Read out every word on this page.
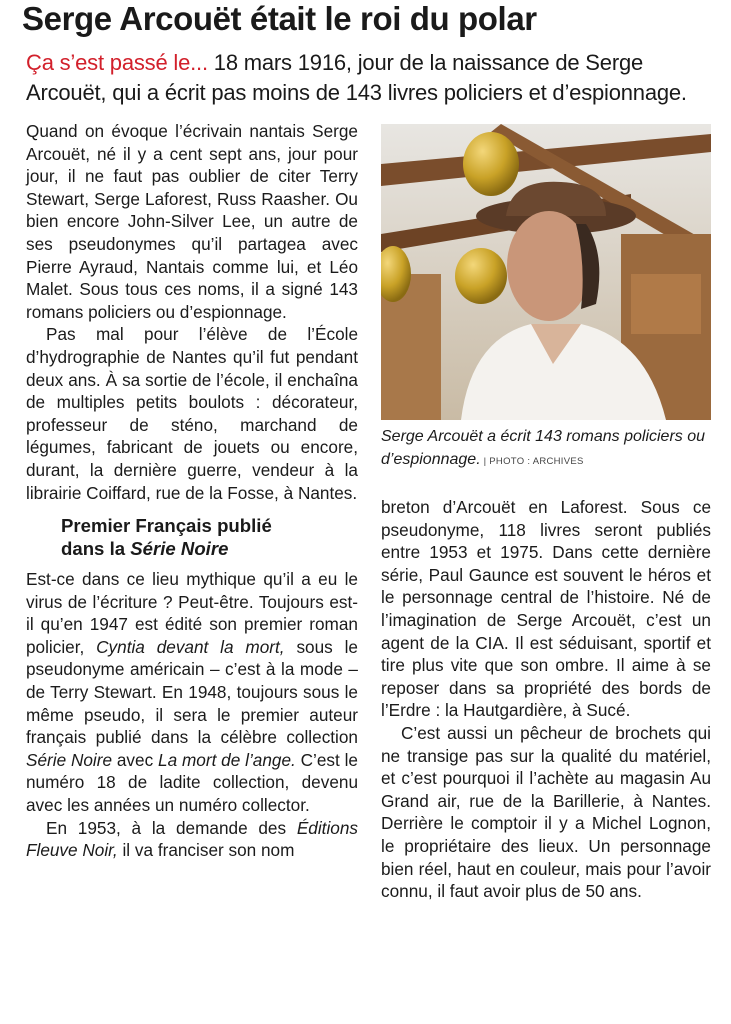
Serge Arcouët était le roi du polar

Ça s’est passé le... 18 mars 1916, jour de la naissance de Serge Arcouët, qui a écrit pas moins de 143 livres policiers et d’espionnage.

Quand on évoque l’écrivain nantais Serge Arcouët, né il y a cent sept ans, jour pour jour, il ne faut pas oublier de citer Terry Stewart, Serge Laforest, Russ Raasher. Ou bien encore John-Silver Lee, un autre de ses pseudonymes qu’il partagea avec Pierre Ayraud, Nantais comme lui, et Léo Malet. Sous tous ces noms, il a signé 143 romans policiers ou d’espionnage.

Pas mal pour l’élève de l’École d’hydrographie de Nantes qu’il fut pendant deux ans. À sa sortie de l’école, il enchaîna de multiples petits boulots : décorateur, professeur de sténo, marchand de légumes, fabricant de jouets ou encore, durant, la dernière guerre, vendeur à la librairie Coiffard, rue de la Fosse, à Nantes.

Premier Français publié
dans la Série Noire

Est-ce dans ce lieu mythique qu’il a eu le virus de l’écriture ? Peut-être. Toujours est-il qu’en 1947 est édité son premier roman policier, Cyntia devant la mort, sous le pseudonyme américain – c’est à la mode – de Terry Stewart. En 1948, toujours sous le même pseudo, il sera le premier auteur français publié dans la célèbre collection Série Noire avec La mort de l’ange. C’est le numéro 18 de ladite collection, devenu avec les années un numéro collector.

En 1953, à la demande des Éditions Fleuve Noir, il va franciser son nom

Serge Arcouët a écrit 143 romans policiers ou d’espionnage. | PHOTO : ARCHIVES

breton d’Arcouët en Laforest. Sous ce pseudonyme, 118 livres seront publiés entre 1953 et 1975. Dans cette dernière série, Paul Gaunce est souvent le héros et le personnage central de l’histoire. Né de l’imagination de Serge Arcouët, c’est un agent de la CIA. Il est séduisant, sportif et tire plus vite que son ombre. Il aime à se reposer dans sa propriété des bords de l’Erdre : la Hautgardière, à Sucé.

C’est aussi un pêcheur de brochets qui ne transige pas sur la qualité du matériel, et c’est pourquoi il l’achète au magasin Au Grand air, rue de la Barillerie, à Nantes. Derrière le comptoir il y a Michel Lognon, le propriétaire des lieux. Un personnage bien réel, haut en couleur, mais pour l’avoir connu, il faut avoir plus de 50 ans.
